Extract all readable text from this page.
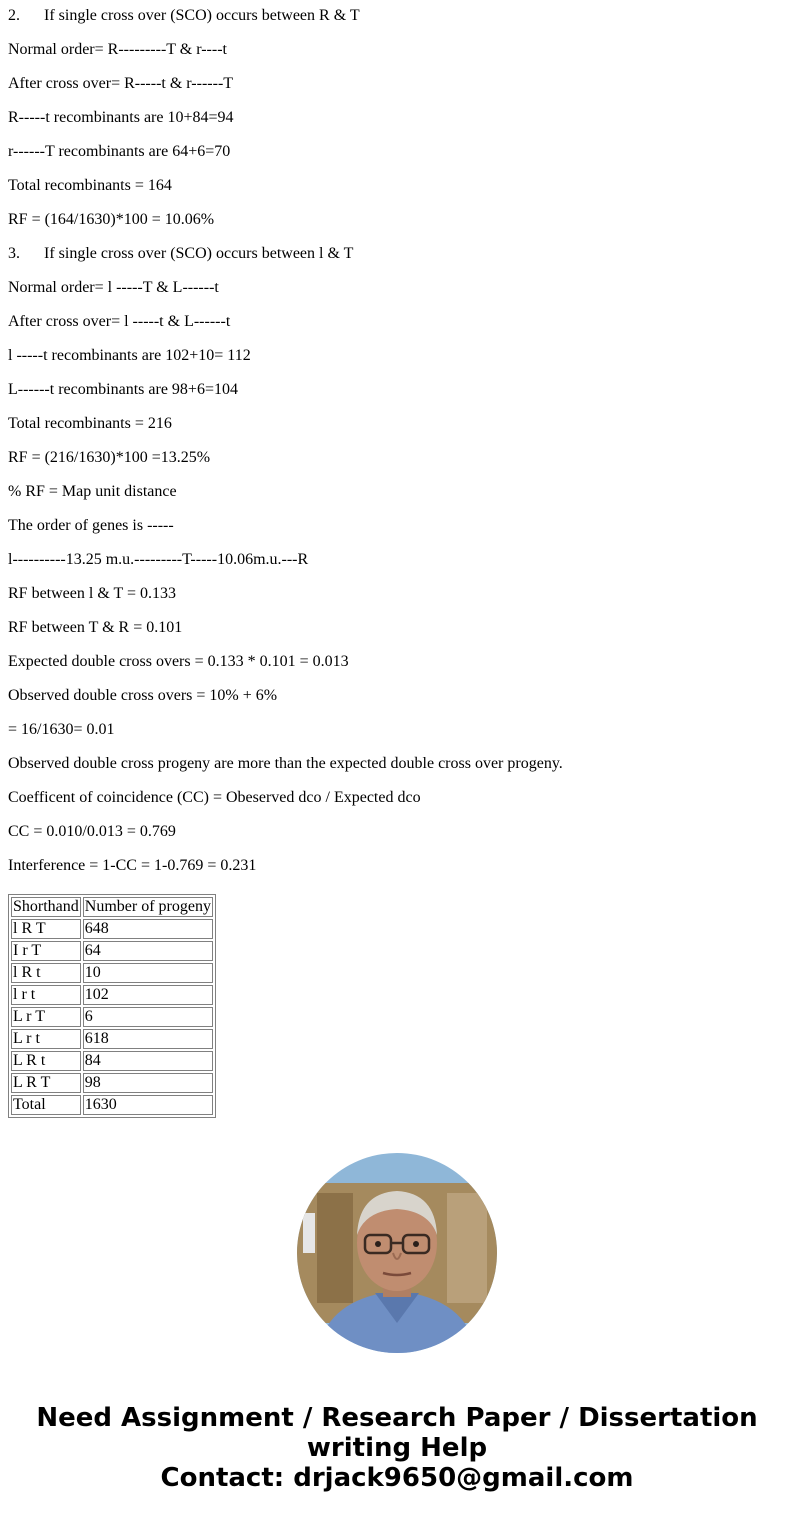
2. If single cross over (SCO) occurs between R & T
Normal order= R---------T & r----t
After cross over= R-----t & r------T
R-----t recombinants are 10+84=94
r------T recombinants are 64+6=70
Total recombinants = 164
RF = (164/1630)*100 = 10.06%
3. If single cross over (SCO) occurs between l & T
Normal order= l -----T & L------t
After cross over= l -----t & L------t
l -----t recombinants are 102+10= 112
L------t recombinants are 98+6=104
Total recombinants = 216
RF = (216/1630)*100 =13.25%
% RF = Map unit distance
The order of genes is -----
l----------13.25 m.u.---------T-----10.06m.u.---R
RF between l & T = 0.133
RF between T & R = 0.101
Expected double cross overs = 0.133 * 0.101 = 0.013
Observed double cross overs = 10% + 6%
= 16/1630= 0.01
Observed double cross progeny are more than the expected double cross over progeny.
Coefficent of coincidence (CC) = Obeserved dco / Expected dco
CC = 0.010/0.013 = 0.769
Interference = 1-CC = 1-0.769 = 0.231
Shorthand	Number of progeny
l R T	648
I r T	64
l R t	10
l r t	102
L r T	6
L r t	618
L R t	84
L R T	98
Total	1630
Need Assignment / Research Paper / Dissertation
writing Help
Contact: drjack9650@gmail.com
